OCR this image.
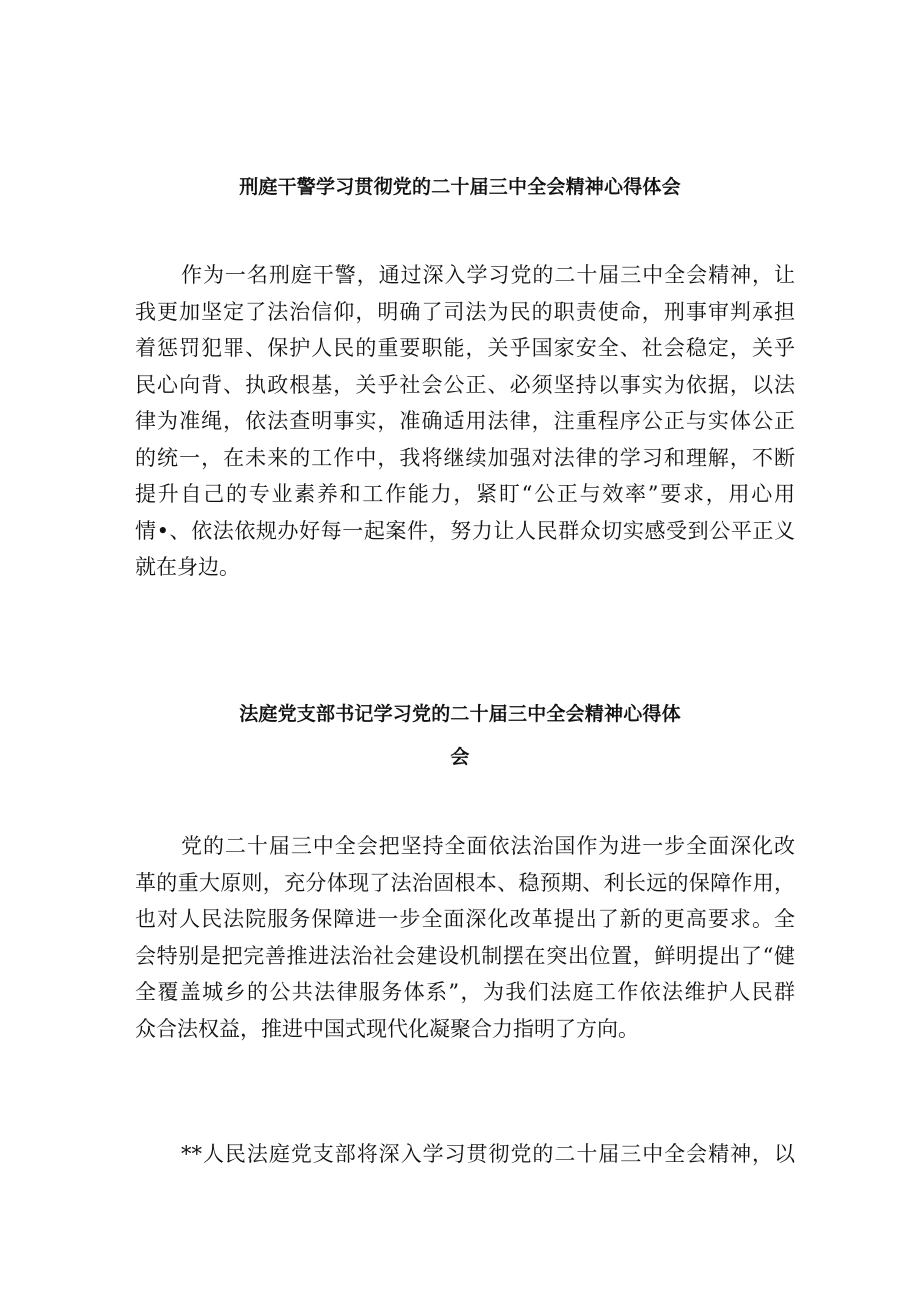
刑庭干警学习贯彻党的二十届三中全会精神心得体会
作为一名刑庭干警，通过深入学习党的二十届三中全会精神，让
我更加坚定了法治信仰，明确了司法为民的职责使命，刑事审判承担
着惩罚犯罪、保护人民的重要职能，关乎国家安全、社会稳定，关乎
民心向背、执政根基，关乎社会公正、必须坚持以事实为依据，以法
律为准绳，依法查明事实，准确适用法律，注重程序公正与实体公正
的统一，在未来的工作中，我将继续加强对法律的学习和理解，不断
提升自己的专业素养和工作能力，紧盯“公正与效率”要求，用心用
情•、依法依规办好每一起案件，努力让人民群众切实感受到公平正义
就在身边。
法庭党支部书记学习党的二十届三中全会精神心得体
会
党的二十届三中全会把坚持全面依法治国作为进一步全面深化改
革的重大原则，充分体现了法治固根本、稳预期、利长远的保障作用，
也对人民法院服务保障进一步全面深化改革提出了新的更高要求。全
会特别是把完善推进法治社会建设机制摆在突出位置，鲜明提出了“健
全覆盖城乡的公共法律服务体系”，为我们法庭工作依法维护人民群
众合法权益，推进中国式现代化凝聚合力指明了方向。
**人民法庭党支部将深入学习贯彻党的二十届三中全会精神，以
